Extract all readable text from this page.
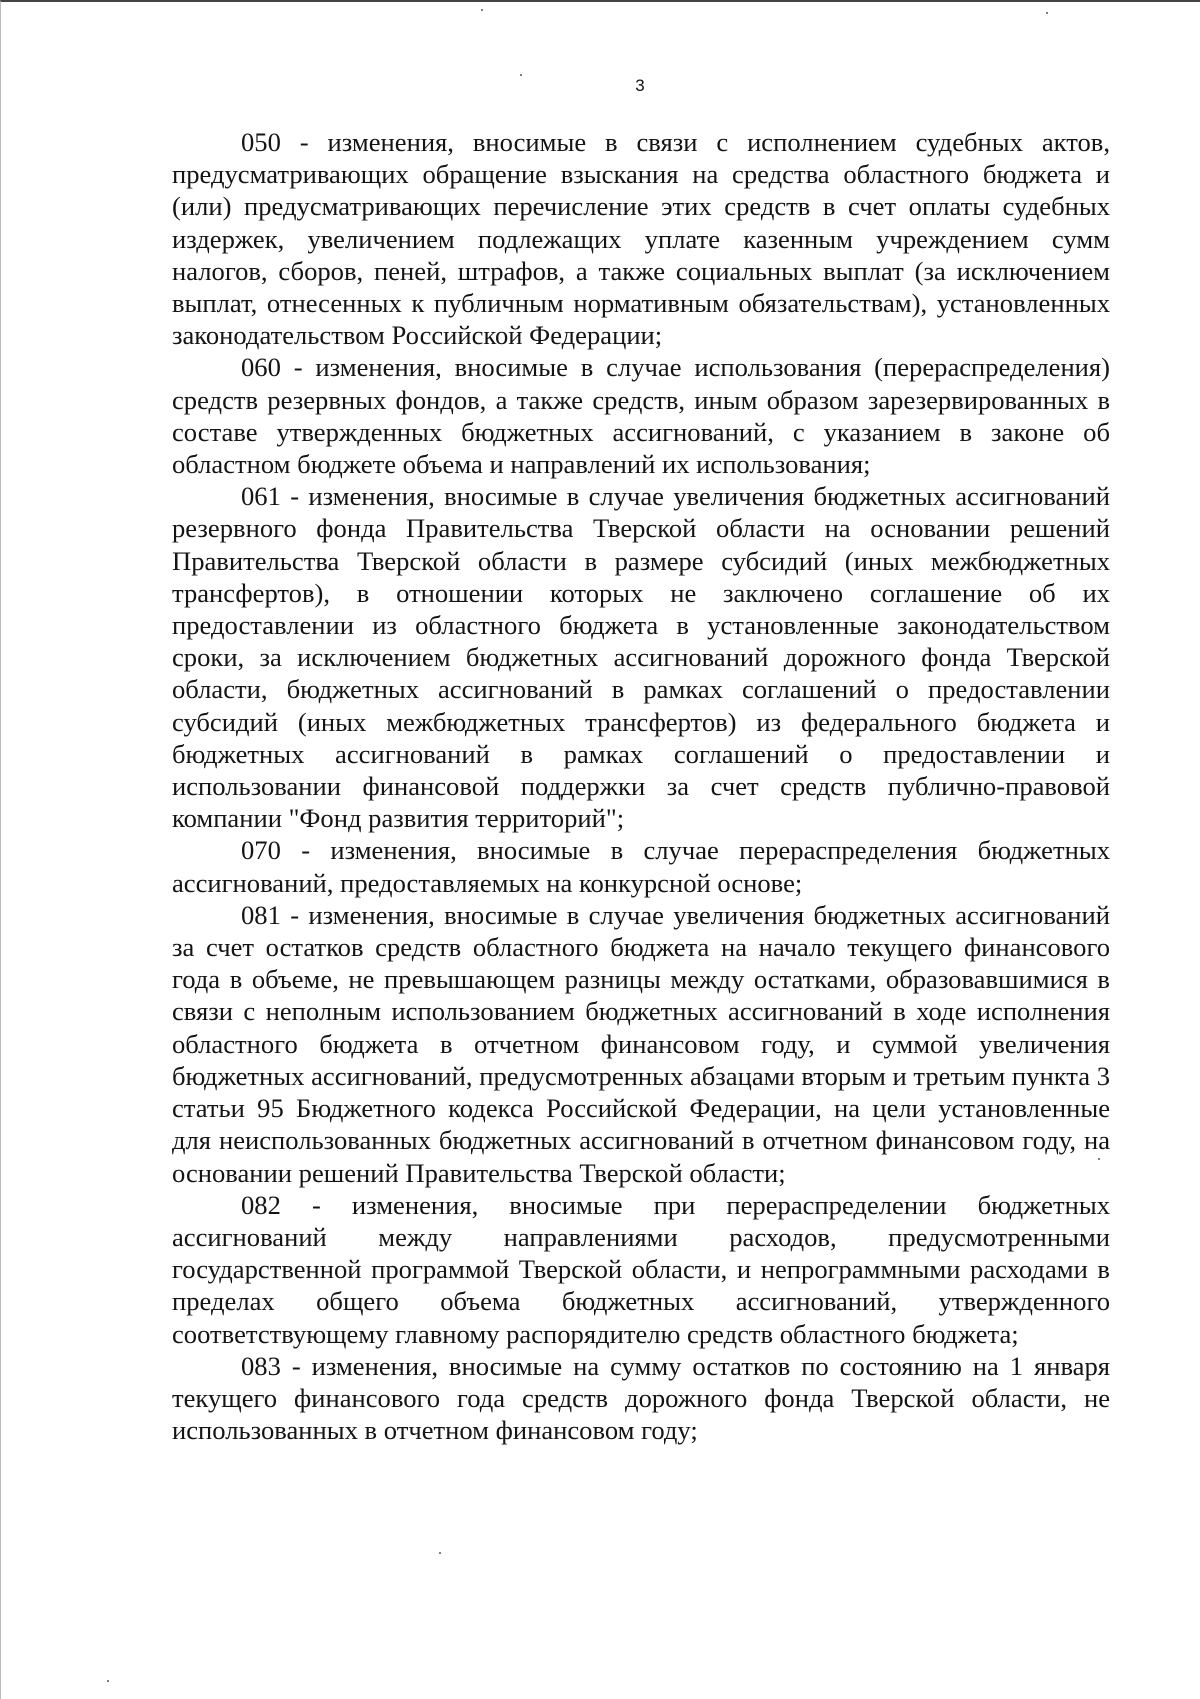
3

050 - изменения, вносимые в связи с исполнением судебных актов, предусматривающих обращение взыскания на средства областного бюджета и (или) предусматривающих перечисление этих средств в счет оплаты судебных издержек, увеличением подлежащих уплате казенным учреждением сумм налогов, сборов, пеней, штрафов, а также социальных выплат (за исключением выплат, отнесенных к публичным нормативным обязательствам), установленных законодательством Российской Федерации;

060 - изменения, вносимые в случае использования (перераспределения) средств резервных фондов, а также средств, иным образом зарезервированных в составе утвержденных бюджетных ассигнований, с указанием в законе об областном бюджете объема и направлений их использования;

061 - изменения, вносимые в случае увеличения бюджетных ассигнований резервного фонда Правительства Тверской области на основании решений Правительства Тверской области в размере субсидий (иных межбюджетных трансфертов), в отношении которых не заключено соглашение об их предоставлении из областного бюджета в установленные законодательством сроки, за исключением бюджетных ассигнований дорожного фонда Тверской области, бюджетных ассигнований в рамках соглашений о предоставлении субсидий (иных межбюджетных трансфертов) из федерального бюджета и бюджетных ассигнований в рамках соглашений о предоставлении и использовании финансовой поддержки за счет средств публично-правовой компании "Фонд развития территорий";

070 - изменения, вносимые в случае перераспределения бюджетных ассигнований, предоставляемых на конкурсной основе;

081 - изменения, вносимые в случае увеличения бюджетных ассигнований за счет остатков средств областного бюджета на начало текущего финансового года в объеме, не превышающем разницы между остатками, образовавшимися в связи с неполным использованием бюджетных ассигнований в ходе исполнения областного бюджета в отчетном финансовом году, и суммой увеличения бюджетных ассигнований, предусмотренных абзацами вторым и третьим пункта 3 статьи 95 Бюджетного кодекса Российской Федерации, на цели установленные для неиспользованных бюджетных ассигнований в отчетном финансовом году, на основании решений Правительства Тверской области;

082 - изменения, вносимые при перераспределении бюджетных ассигнований между направлениями расходов, предусмотренными государственной программой Тверской области, и непрограммными расходами в пределах общего объема бюджетных ассигнований, утвержденного соответствующему главному распорядителю средств областного бюджета;

083 - изменения, вносимые на сумму остатков по состоянию на 1 января текущего финансового года средств дорожного фонда Тверской области, не использованных в отчетном финансовом году;
